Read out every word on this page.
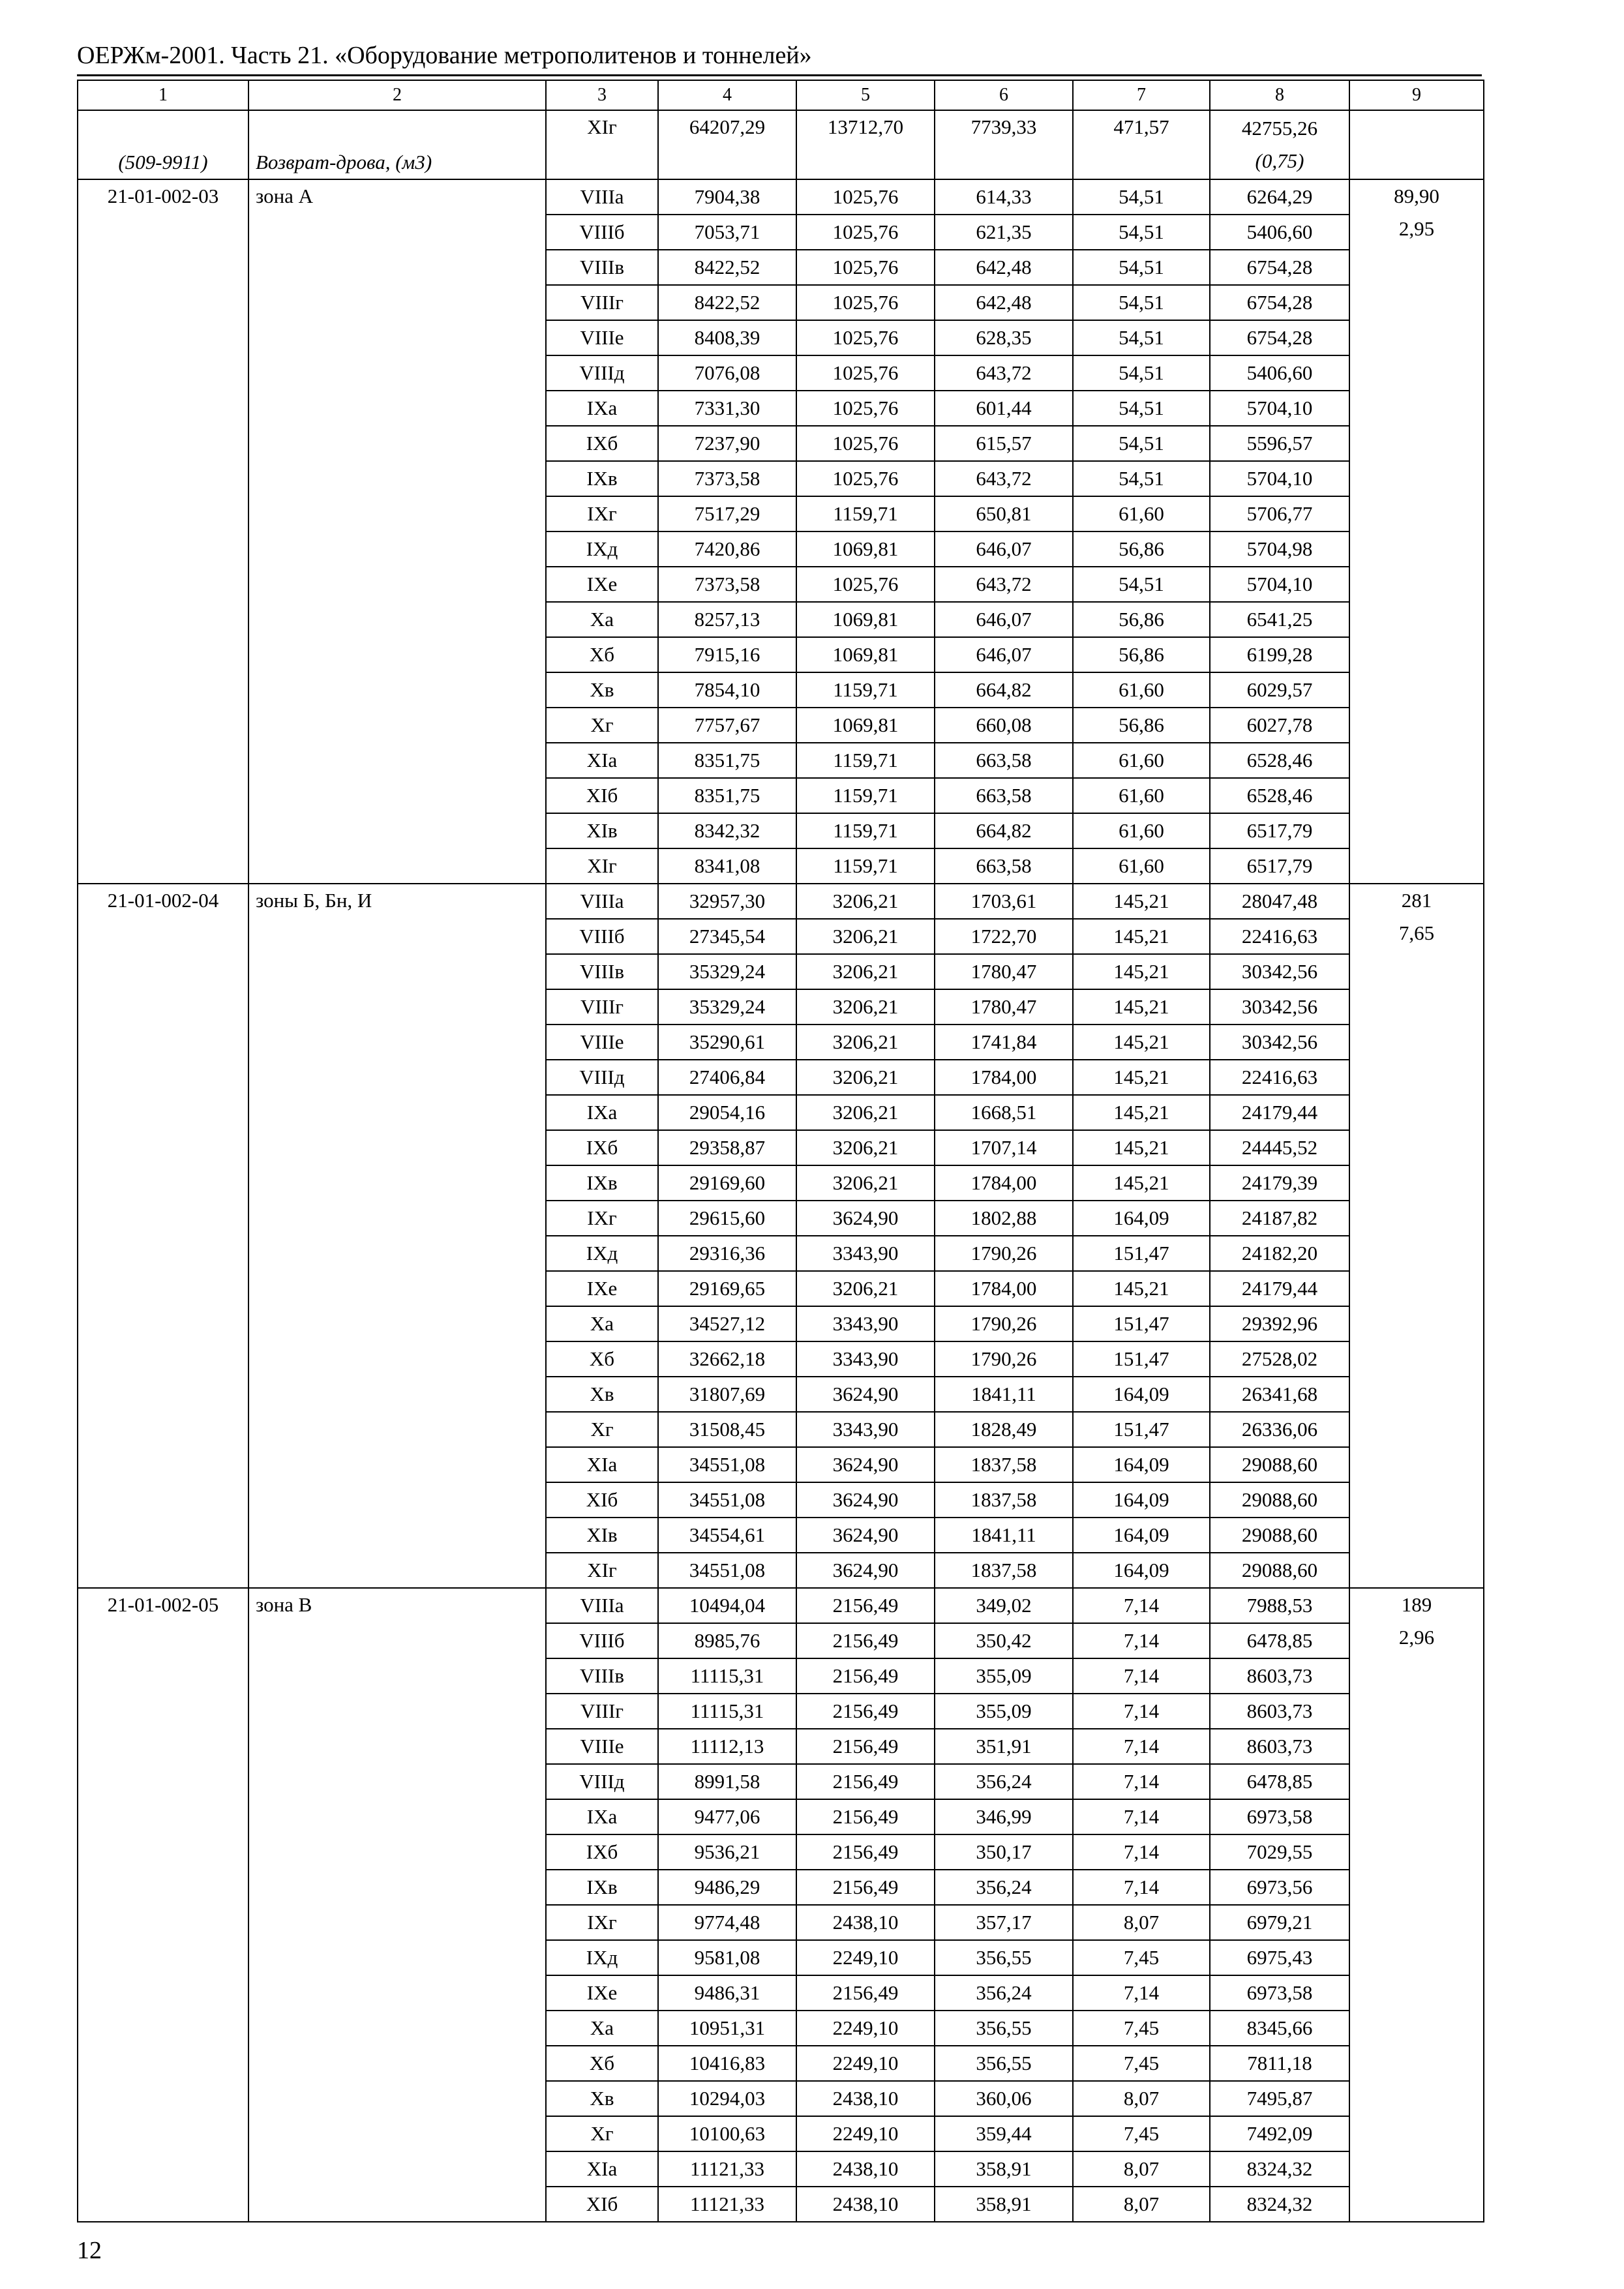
ОЕРЖм-2001. Часть 21. «Оборудование метрополитенов и тоннелей»
1	2	3	4	5	6	7	8	9
(509-9911)	Возврат-дрова, (м3)	XIг	64207,29	13712,70	7739,33	471,57	42755,26
(0,75)	

21-01-002-03	зона А	VIIIа	7904,38	1025,76	614,33	54,51	6264,29	89,90
2,95

		VIIIб	7053,71	1025,76	621,35	54,51	5406,60	
		VIIIв	8422,52	1025,76	642,48	54,51	6754,28	
		VIIIг	8422,52	1025,76	642,48	54,51	6754,28	
		VIIIе	8408,39	1025,76	628,35	54,51	6754,28	
		VIIIд	7076,08	1025,76	643,72	54,51	5406,60	
		IXа	7331,30	1025,76	601,44	54,51	5704,10	
		IXб	7237,90	1025,76	615,57	54,51	5596,57	
		IXв	7373,58	1025,76	643,72	54,51	5704,10	
		IXг	7517,29	1159,71	650,81	61,60	5706,77	
		IXд	7420,86	1069,81	646,07	56,86	5704,98	
		IXе	7373,58	1025,76	643,72	54,51	5704,10	
		Xа	8257,13	1069,81	646,07	56,86	6541,25	
		Xб	7915,16	1069,81	646,07	56,86	6199,28	
		Xв	7854,10	1159,71	664,82	61,60	6029,57	
		Xг	7757,67	1069,81	660,08	56,86	6027,78	
		XIа	8351,75	1159,71	663,58	61,60	6528,46	
		XIб	8351,75	1159,71	663,58	61,60	6528,46	
		XIв	8342,32	1159,71	664,82	61,60	6517,79	
		XIг	8341,08	1159,71	663,58	61,60	6517,79	
21-01-002-04	зоны Б, Бн, И	VIIIа	32957,30	3206,21	1703,61	145,21	28047,48	281
7,65

		VIIIб	27345,54	3206,21	1722,70	145,21	22416,63	
		VIIIв	35329,24	3206,21	1780,47	145,21	30342,56	
		VIIIг	35329,24	3206,21	1780,47	145,21	30342,56	
		VIIIе	35290,61	3206,21	1741,84	145,21	30342,56	
		VIIIд	27406,84	3206,21	1784,00	145,21	22416,63	
		IXа	29054,16	3206,21	1668,51	145,21	24179,44	
		IXб	29358,87	3206,21	1707,14	145,21	24445,52	
		IXв	29169,60	3206,21	1784,00	145,21	24179,39	
		IXг	29615,60	3624,90	1802,88	164,09	24187,82	
		IXд	29316,36	3343,90	1790,26	151,47	24182,20	
		IXе	29169,65	3206,21	1784,00	145,21	24179,44	
		Xа	34527,12	3343,90	1790,26	151,47	29392,96	
		Xб	32662,18	3343,90	1790,26	151,47	27528,02	
		Xв	31807,69	3624,90	1841,11	164,09	26341,68	
		Xг	31508,45	3343,90	1828,49	151,47	26336,06	
		XIа	34551,08	3624,90	1837,58	164,09	29088,60	
		XIб	34551,08	3624,90	1837,58	164,09	29088,60	
		XIв	34554,61	3624,90	1841,11	164,09	29088,60	
		XIг	34551,08	3624,90	1837,58	164,09	29088,60	
21-01-002-05	зона В	VIIIа	10494,04	2156,49	349,02	7,14	7988,53	189
2,96

		VIIIб	8985,76	2156,49	350,42	7,14	6478,85	
		VIIIв	11115,31	2156,49	355,09	7,14	8603,73	
		VIIIг	11115,31	2156,49	355,09	7,14	8603,73	
		VIIIе	11112,13	2156,49	351,91	7,14	8603,73	
		VIIIд	8991,58	2156,49	356,24	7,14	6478,85	
		IXа	9477,06	2156,49	346,99	7,14	6973,58	
		IXб	9536,21	2156,49	350,17	7,14	7029,55	
		IXв	9486,29	2156,49	356,24	7,14	6973,56	
		IXг	9774,48	2438,10	357,17	8,07	6979,21	
		IXд	9581,08	2249,10	356,55	7,45	6975,43	
		IXе	9486,31	2156,49	356,24	7,14	6973,58	
		Xа	10951,31	2249,10	356,55	7,45	8345,66	
		Xб	10416,83	2249,10	356,55	7,45	7811,18	
		Xв	10294,03	2438,10	360,06	8,07	7495,87	
		Xг	10100,63	2249,10	359,44	7,45	7492,09	
		XIа	11121,33	2438,10	358,91	8,07	8324,32	
		XIб	11121,33	2438,10	358,91	8,07	8324,32	
12
